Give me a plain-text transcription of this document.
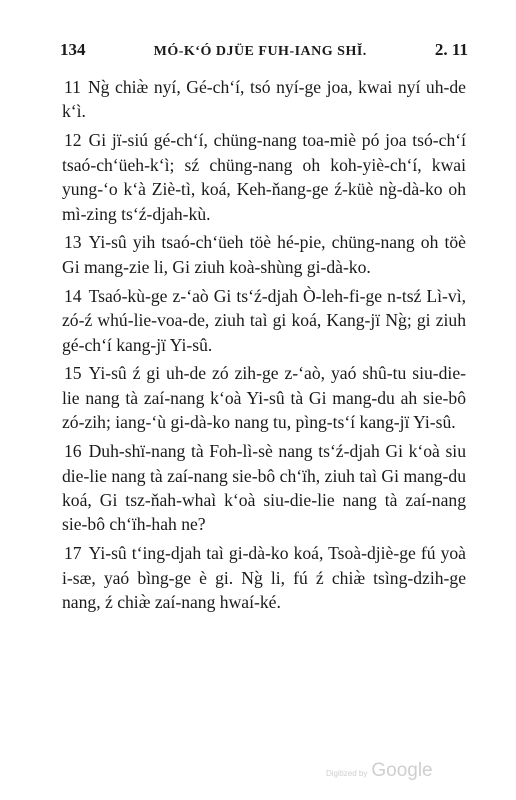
134	MÓ-K‘Ó DJÜE FUH-IANG SHĬ.	2. 11

11 Ng̀ chiæ̀ nyí, Gé-ch‘í, tsó nyí-ge joa, kwai nyí uh-de k‘ì.

12 Gi jï-siú gé-ch‘í, chüng-nang toa-miè pó joa tsó-ch‘í tsaó-ch‘üeh-k‘ì; sź chüng-nang oh koh-yiè-ch‘í, kwai yung-‘o k‘à Ziè-tì, koá, Keh-ňang-ge ź-küè ng̀-dà-ko oh mì-zing ts‘ź-djah-kù.

13 Yi-sû yih tsaó-ch‘üeh töè hé-pie, chüng-nang oh töè Gi mang-zie li, Gi ziuh koà-shùng gi-dà-ko.

14 Tsaó-kù-ge z-‘aò Gi ts‘ź-djah Ò-leh-fi-ge n-tsź Lì-vì, zó-ź whú-lie-voa-de, ziuh taì gi koá, Kang-jï Ng̀; gi ziuh gé-ch‘í kang-jï Yi-sû.

15 Yi-sû ź gi uh-de zó zih-ge z-‘aò, yaó shû-tu siu-die-lie nang tà zaí-nang k‘oà Yi-sû tà Gi mang-du ah sie-bô zó-zih; iang-‘ù gi-dà-ko nang tu, pìng-ts‘í kang-jï Yi-sû.

16 Duh-shï-nang tà Foh-lì-sè nang ts‘ź-djah Gi k‘oà siu die-lie nang tà zaí-nang sie-bô ch‘ïh, ziuh taì Gi mang-du koá, Gi tsz-ňah-whaì k‘oà siu-die-lie nang tà zaí-nang sie-bô ch‘ïh-hah ne?

17 Yi-sû t‘ing-djah taì gi-dà-ko koá, Tsoà-djiè-ge fú yoà i-sæ, yaó bìng-ge è gi. Ng̀ li, fú ź chiæ̀ tsìng-dzih-ge nang, ź chiæ̀ zaí-nang hwaí-ké.

Digitized by Google
